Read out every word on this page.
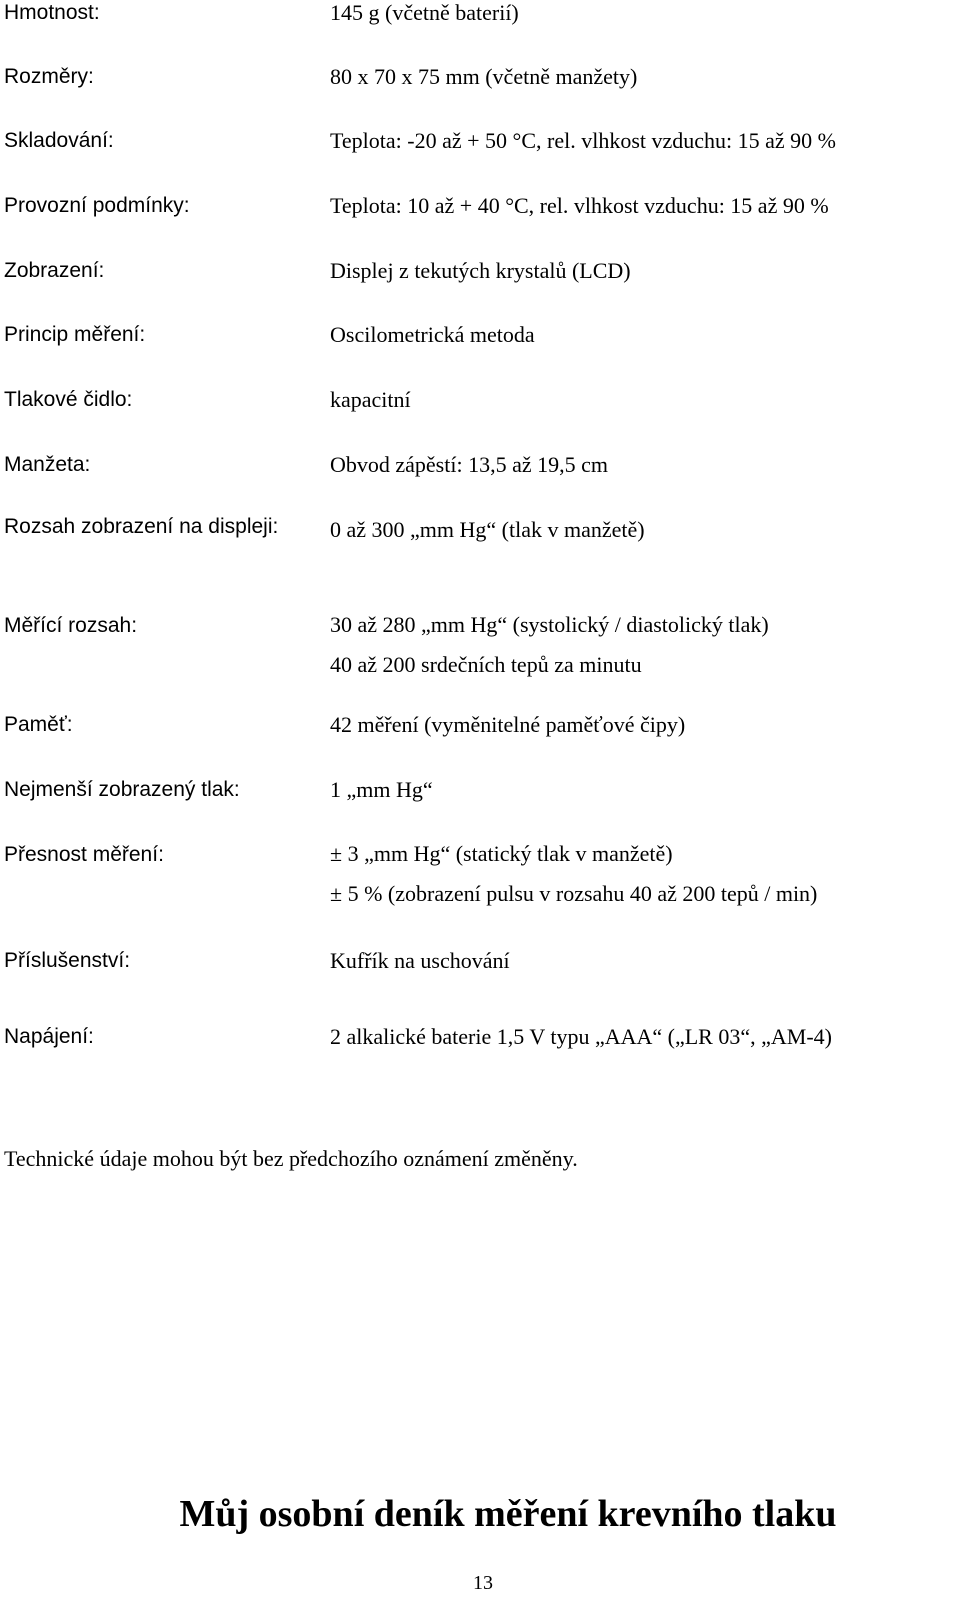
Hmotnost:	145 g (včetně baterií)
Rozměry:	80 x 70 x 75 mm (včetně manžety)
Skladování:	Teplota: -20 až + 50 °C, rel. vlhkost vzduchu: 15 až 90 %
Provozní podmínky:	Teplota: 10 až + 40 °C, rel. vlhkost vzduchu: 15 až 90 %
Zobrazení:	Displej z tekutých krystalů (LCD)
Princip měření:	Oscilometrická metoda
Tlakové čidlo:	kapacitní
Manžeta:	Obvod zápěstí: 13,5 až 19,5 cm
Rozsah zobrazení na displeji:	0 až 300 „mm Hg“ (tlak v manžetě)
Měřící rozsah:	30 až 280 „mm Hg“ (systolický / diastolický tlak)
40 až 200 srdečních tepů za minutu
Paměť:	42 měření (vyměnitelné paměťové čipy)
Nejmenší zobrazený tlak:	1 „mm Hg“
Přesnost měření:	± 3 „mm Hg“ (statický tlak v manžetě)
± 5 % (zobrazení pulsu v rozsahu 40 až 200 tepů / min)
Příslušenství:	Kufřík na uschování
Napájení:	2 alkalické baterie 1,5 V typu „AAA“ („LR 03“, „AM-4)
Technické údaje mohou být bez předchozího oznámení změněny.
Můj osobní deník měření krevního tlaku
13
